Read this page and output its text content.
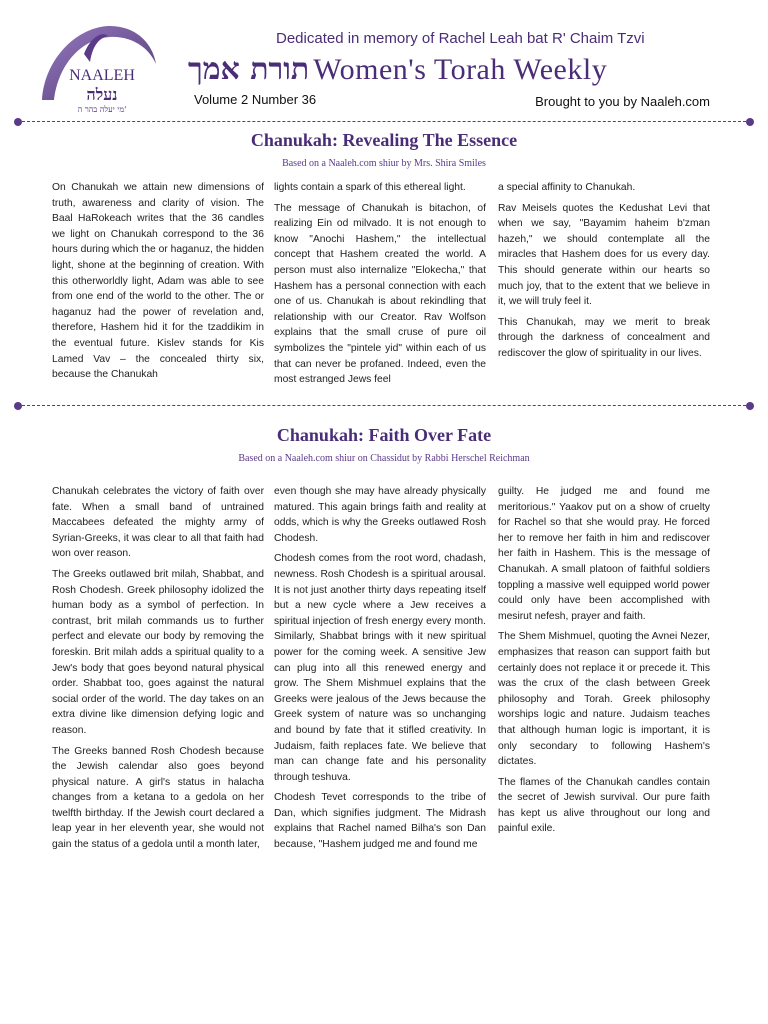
NAALEH
נעלה
מי יעלה בהר ה'
Dedicated in memory of Rachel Leah bat R' Chaim Tzvi
תורת אמך Women's Torah Weekly
Volume 2 Number 36	Brought to you by Naaleh.com
Chanukah: Revealing The Essence
Based on a Naaleh.com shiur by Mrs. Shira Smiles

On Chanukah we attain new dimensions of truth, awareness and clarity of vision. The Baal HaRokeach writes that the 36 candles we light on Chanukah correspond to the 36 hours during which the or haganuz, the hidden light, shone at the beginning of creation. With this otherworldly light, Adam was able to see from one end of the world to the other. The or haganuz had the power of revelation and, therefore, Hashem hid it for the tzaddikim in the eventual future. Kislev stands for Kis Lamed Vav – the concealed thirty six, because the Chanukah

lights contain a spark of this ethereal light.

The message of Chanukah is bitachon, of realizing Ein od milvado. It is not enough to know "Anochi Hashem," the intellectual concept that Hashem created the world. A person must also internalize "Elokecha," that Hashem has a personal connection with each one of us. Chanukah is about rekindling that relationship with our Creator. Rav Wolfson explains that the small cruse of pure oil symbolizes the "pintele yid" within each of us that can never be profaned. Indeed, even the most estranged Jews feel

a special affinity to Chanukah.

Rav Meisels quotes the Kedushat Levi that when we say, "Bayamim haheim b'zman hazeh," we should contemplate all the miracles that Hashem does for us every day. This should generate within our hearts so much joy, that to the extent that we believe in it, we will truly feel it.

This Chanukah, may we merit to break through the darkness of concealment and rediscover the glow of spirituality in our lives.

Chanukah: Faith Over Fate
Based on a Naaleh.com shiur on Chassidut by Rabbi Herschel Reichman

Chanukah celebrates the victory of faith over fate. When a small band of untrained Maccabees defeated the mighty army of Syrian-Greeks, it was clear to all that faith had won over reason.

The Greeks outlawed brit milah, Shabbat, and Rosh Chodesh. Greek philosophy idolized the human body as a symbol of perfection. In contrast, brit milah commands us to further perfect and elevate our body by removing the foreskin. Brit milah adds a spiritual quality to a Jew's body that goes beyond natural physical order. Shabbat too, goes against the natural social order of the world. The day takes on an extra divine like dimension defying logic and reason.

The Greeks banned Rosh Chodesh because the Jewish calendar also goes beyond physical nature. A girl's status in halacha changes from a ketana to a gedola on her twelfth birthday. If the Jewish court declared a leap year in her eleventh year, she would not gain the status of a gedola until a month later,

even though she may have already physically matured. This again brings faith and reality at odds, which is why the Greeks outlawed Rosh Chodesh.

Chodesh comes from the root word, chadash, newness. Rosh Chodesh is a spiritual arousal. It is not just another thirty days repeating itself but a new cycle where a Jew receives a spiritual injection of fresh energy every month. Similarly, Shabbat brings with it new spiritual power for the coming week. A sensitive Jew can plug into all this renewed energy and grow. The Shem Mishmuel explains that the Greeks were jealous of the Jews because the Greek system of nature was so unchanging and bound by fate that it stifled creativity. In Judaism, faith replaces fate. We believe that man can change fate and his personality through teshuva.

Chodesh Tevet corresponds to the tribe of Dan, which signifies judgment. The Midrash explains that Rachel named Bilha's son Dan because, "Hashem judged me and found me

guilty. He judged me and found me meritorious." Yaakov put on a show of cruelty for Rachel so that she would pray. He forced her to remove her faith in him and rediscover her faith in Hashem. This is the message of Chanukah. A small platoon of faithful soldiers toppling a massive well equipped world power could only have been accomplished with mesirut nefesh, prayer and faith.

The Shem Mishmuel, quoting the Avnei Nezer, emphasizes that reason can support faith but certainly does not replace it or precede it. This was the crux of the clash between Greek philosophy and Torah. Greek philosophy worships logic and nature. Judaism teaches that although human logic is important, it is only secondary to following Hashem's dictates.

The flames of the Chanukah candles contain the secret of Jewish survival. Our pure faith has kept us alive throughout our long and painful exile.
